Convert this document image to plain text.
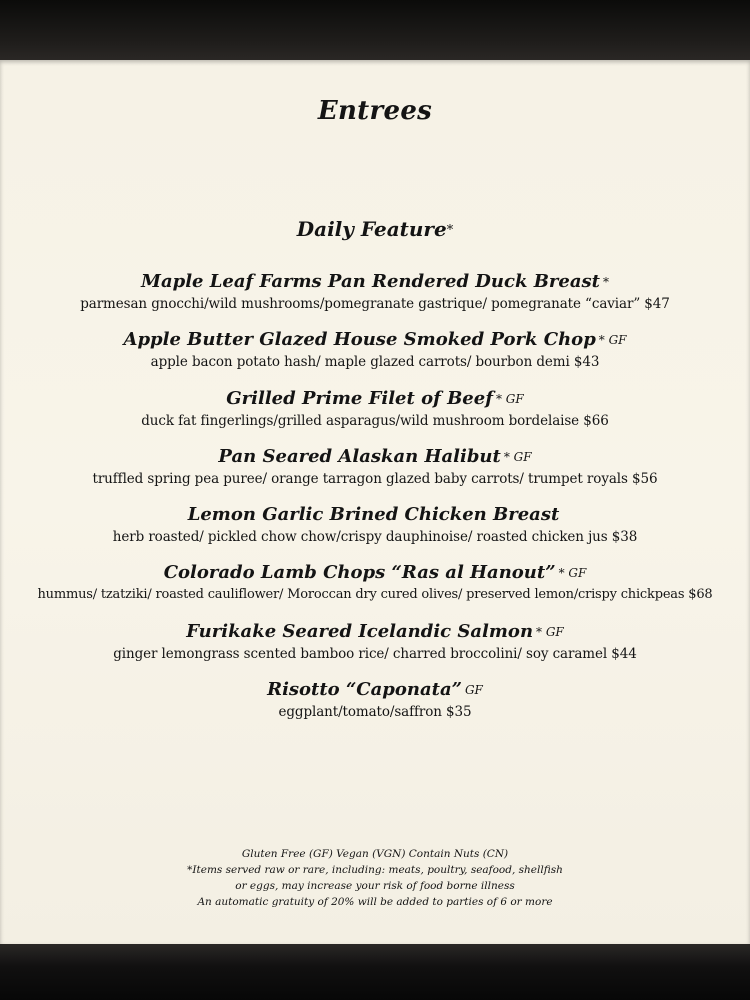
Entrees
Daily Feature*
Maple Leaf Farms Pan Rendered Duck Breast *
parmesan gnocchi/wild mushrooms/pomegranate gastrique/ pomegranate “caviar” $47
Apple Butter Glazed House Smoked Pork Chop * GF
apple bacon potato hash/ maple glazed carrots/ bourbon demi $43
Grilled Prime Filet of Beef * GF
duck fat fingerlings/grilled asparagus/wild mushroom bordelaise $66
Pan Seared Alaskan Halibut * GF
truffled spring pea puree/ orange tarragon glazed baby carrots/ trumpet royals $56
Lemon Garlic Brined Chicken Breast
herb roasted/ pickled chow chow/crispy dauphinoise/ roasted chicken jus $38
Colorado Lamb Chops “Ras al Hanout” * GF
hummus/ tzatziki/ roasted cauliflower/ Moroccan dry cured olives/ preserved lemon/crispy chickpeas $68
Furikake Seared Icelandic Salmon * GF
ginger lemongrass scented bamboo rice/ charred broccolini/ soy caramel $44
Risotto “Caponata” GF
eggplant/tomato/saffron $35
Gluten Free (GF) Vegan (VGN) Contain Nuts (CN)
*Items served raw or rare, including: meats, poultry, seafood, shellfish
or eggs, may increase your risk of food borne illness
An automatic gratuity of 20% will be added to parties of 6 or more
